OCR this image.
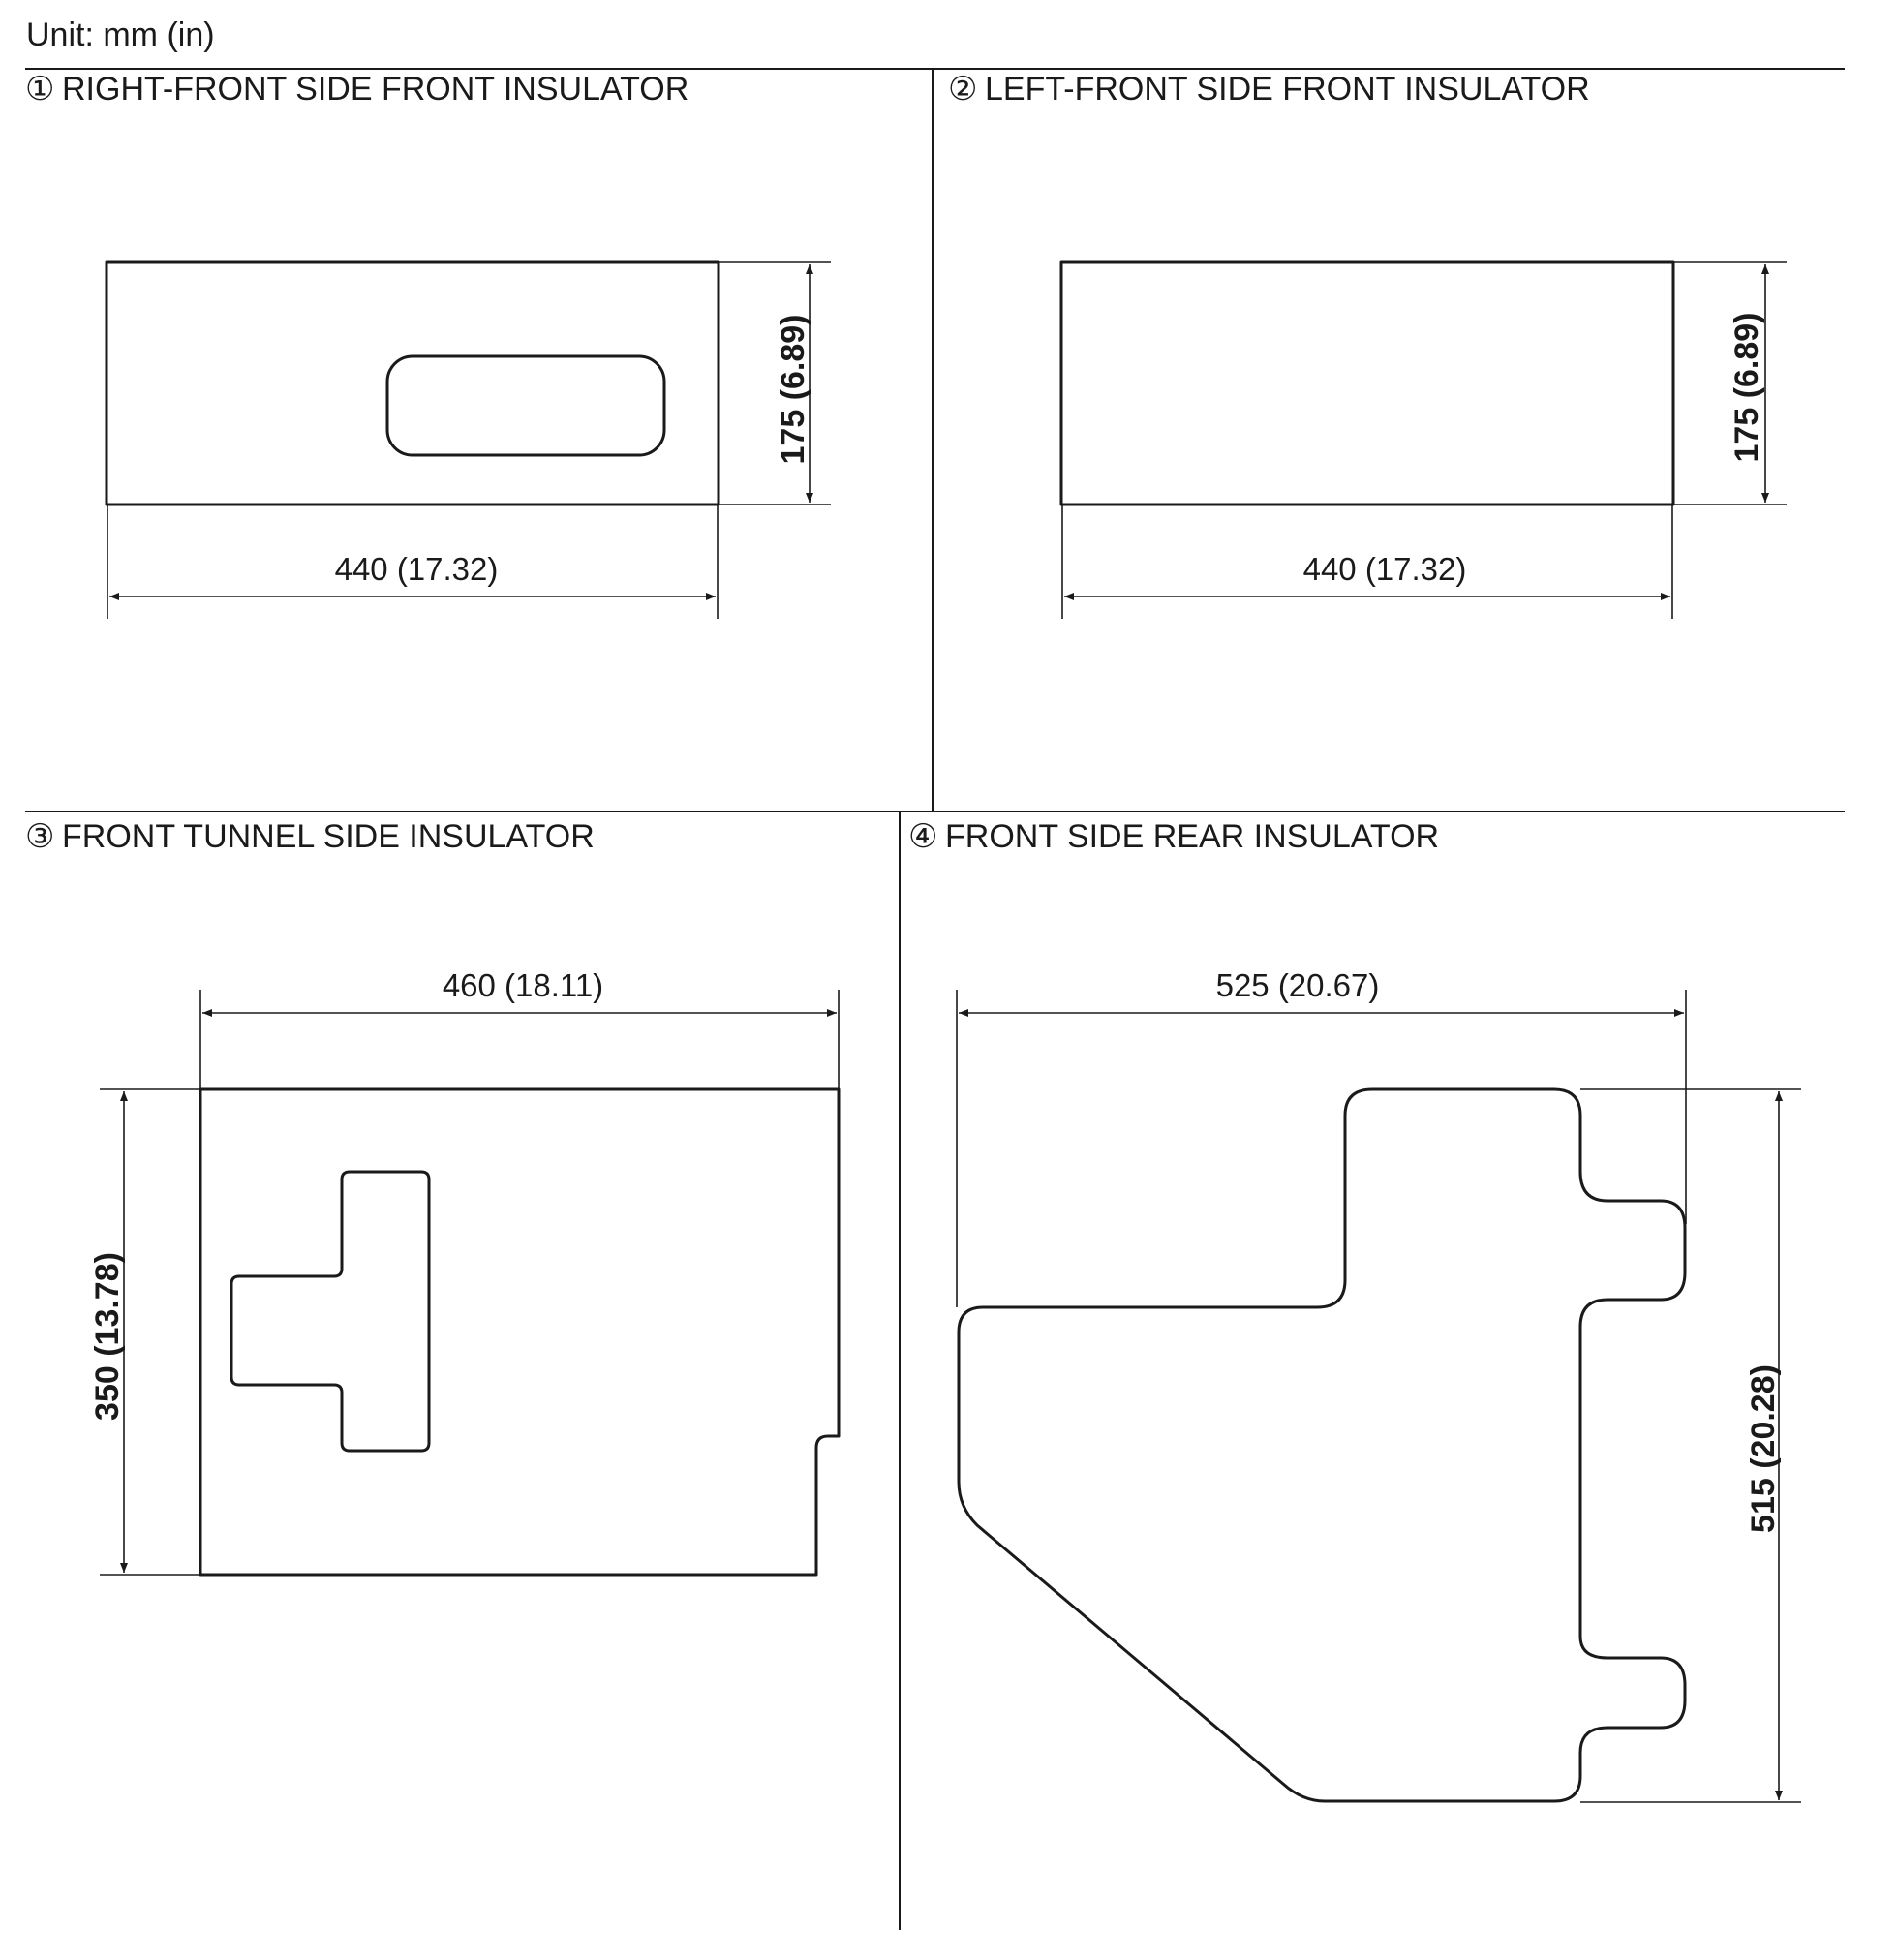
Unit: mm (in)
① RIGHT-FRONT SIDE FRONT INSULATOR
440 (17.32)
175 (6.89)
② LEFT-FRONT SIDE FRONT INSULATOR
440 (17.32)
175 (6.89)
③ FRONT TUNNEL SIDE INSULATOR
460 (18.11)
350 (13.78)
④ FRONT SIDE REAR INSULATOR
525 (20.67)
515 (20.28)
